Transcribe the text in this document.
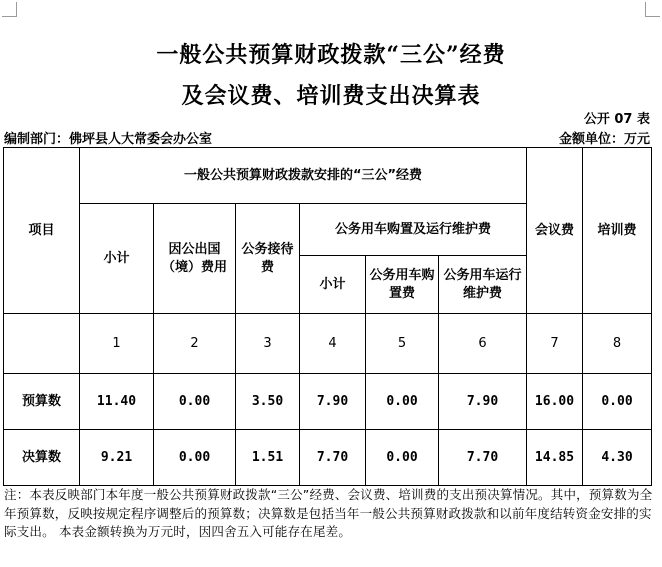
一般公共预算财政拨款“三公”经费
及会议费、培训费支出决算表
公开 07 表
编制部门：佛坪县人大常委会办公室	金额单位：万元
项目	一般公共预算财政拨款安排的“三公”经费						会议费	培训费
	小计	因公出国（境）费用	公务接待费	公务用车购置及运行维护费				
				小计	公务用车购置费	公务用车运行维护费		
	1	2	3	4	5	6	7	8
预算数	11.40	0.00	3.50	7.90	0.00	7.90	16.00	0.00
决算数	9.21	0.00	1.51	7.70	0.00	7.70	14.85	4.30
注：本表反映部门本年度一般公共预算财政拨款“三公”经费、会议费、培训费的支出预决算情况。其中，预算数为全年预算数，反映按规定程序调整后的预算数；决算数是包括当年一般公共预算财政拨款和以前年度结转资金安排的实际支出。 本表金额转换为万元时，因四舍五入可能存在尾差。
